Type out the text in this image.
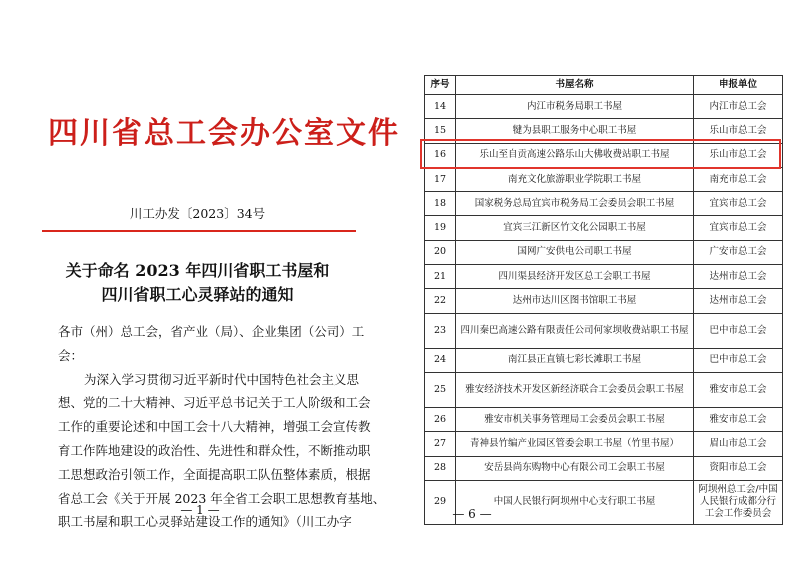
四川省总工会办公室文件
川工办发〔2023〕34号
关于命名 2023 年四川省职工书屋和
四川省职工心灵驿站的通知

各市（州）总工会，省产业（局）、企业集团（公司）工

会：

为深入学习贯彻习近平新时代中国特色社会主义思

想、党的二十大精神、习近平总书记关于工人阶级和工会

工作的重要论述和中国工会十八大精神，增强工会宣传教

育工作阵地建设的政治性、先进性和群众性，不断推动职

工思想政治引领工作，全面提高职工队伍整体素质，根据

省总工会《关于开展 2023 年全省工会职工思想教育基地、

职工书屋和职工心灵驿站建设工作的通知》（川工办字

— 1 —
序号	书屋名称	申报单位
14	内江市税务局职工书屋	内江市总工会
15	犍为县职工服务中心职工书屋	乐山市总工会
16	乐山至自贡高速公路乐山大佛收费站职工书屋	乐山市总工会
17	南充文化旅游职业学院职工书屋	南充市总工会
18	国家税务总局宜宾市税务局工会委员会职工书屋	宜宾市总工会
19	宜宾三江新区竹文化公园职工书屋	宜宾市总工会
20	国网广安供电公司职工书屋	广安市总工会
21	四川渠县经济开发区总工会职工书屋	达州市总工会
22	达州市达川区图书馆职工书屋	达州市总工会
23	四川秦巴高速公路有限责任公司何家坝收费站职工书屋	巴中市总工会
24	南江县正直镇七彩长滩职工书屋	巴中市总工会
25	雅安经济技术开发区新经济联合工会委员会职工书屋	雅安市总工会
26	雅安市机关事务管理局工会委员会职工书屋	雅安市总工会
27	青神县竹编产业园区管委会职工书屋（竹里书屋）	眉山市总工会
28	安岳县尚东购物中心有限公司工会职工书屋	资阳市总工会
29	中国人民银行阿坝州中心支行职工书屋	阿坝州总工会/中国人民银行成都分行工会工作委员会
— 6 —
